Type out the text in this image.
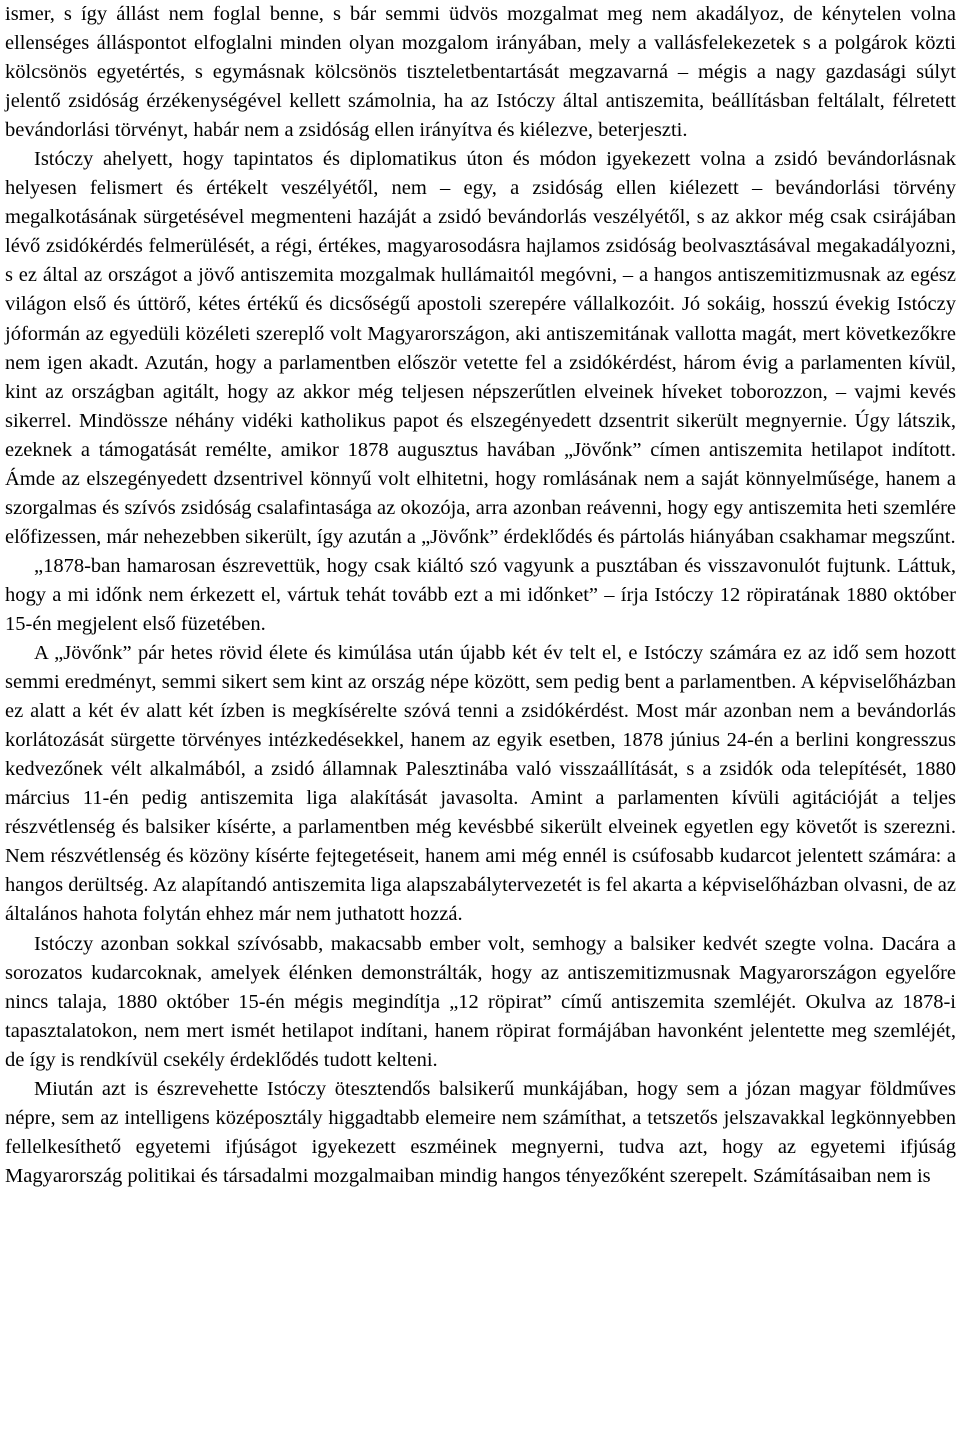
ismer, s így állást nem foglal benne, s bár semmi üdvös mozgalmat meg nem akadályoz, de kénytelen volna ellenséges álláspontot elfoglalni minden olyan mozgalom irányában, mely a vallásfelekezetek s a polgárok közti kölcsönös egyetértés, s egymásnak kölcsönös tiszteletbentartását megzavarná – mégis a nagy gazdasági súlyt jelentő zsidóság érzékenységével kellett számolnia, ha az Istóczy által antiszemita, beállításban feltálalt, félretett bevándorlási törvényt, habár nem a zsidóság ellen irányítva és kiélezve, beterjeszti.

Istóczy ahelyett, hogy tapintatos és diplomatikus úton és módon igyekezett volna a zsidó bevándorlásnak helyesen felismert és értékelt veszélyétől, nem – egy, a zsidóság ellen kiélezett – bevándorlási törvény megalkotásának sürgetésével megmenteni hazáját a zsidó bevándorlás veszélyétől, s az akkor még csak csirájában lévő zsidókérdés felmerülését, a régi, értékes, magyarosodásra hajlamos zsidóság beolvasztásával megakadályozni, s ez által az országot a jövő antiszemita mozgalmak hullámaitól megóvni, – a hangos antiszemitizmusnak az egész világon első és úttörő, kétes értékű és dicsőségű apostoli szerepére vállalkozóit. Jó sokáig, hosszú évekig Istóczy jóformán az egyedüli közéleti szereplő volt Magyarországon, aki antiszemitának vallotta magát, mert következőkre nem igen akadt. Azután, hogy a parlamentben először vetette fel a zsidókérdést, három évig a parlamenten kívül, kint az országban agitált, hogy az akkor még teljesen népszerűtlen elveinek híveket toborozzon, – vajmi kevés sikerrel. Mindössze néhány vidéki katholikus papot és elszegényedett dzsentrit sikerült megnyernie. Úgy látszik, ezeknek a támogatását remélte, amikor 1878 augusztus havában „Jövőnk” címen antiszemita hetilapot indított. Ámde az elszegényedett dzsentrivel könnyű volt elhitetni, hogy romlásának nem a saját könnyelműsége, hanem a szorgalmas és szívós zsidóság csalafintasága az okozója, arra azonban reávenni, hogy egy antiszemita heti szemlére előfizessen, már nehezebben sikerült, így azután a „Jövőnk” érdeklődés és pártolás hiányában csakhamar megszűnt.

„1878-ban hamarosan észrevettük, hogy csak kiáltó szó vagyunk a pusztában és visszavonulót fujtunk. Láttuk, hogy a mi időnk nem érkezett el, vártuk tehát tovább ezt a mi időnket” – írja Istóczy 12 röpiratának 1880 október 15-én megjelent első füzetében.

A „Jövőnk” pár hetes rövid élete és kimúlása után újabb két év telt el, e Istóczy számára ez az idő sem hozott semmi eredményt, semmi sikert sem kint az ország népe között, sem pedig bent a parlamentben. A képviselőházban ez alatt a két év alatt két ízben is megkísérelte szóvá tenni a zsidókérdést. Most már azonban nem a bevándorlás korlátozását sürgette törvényes intézkedésekkel, hanem az egyik esetben, 1878 június 24-én a berlini kongresszus kedvezőnek vélt alkalmából, a zsidó államnak Palesztinába való visszaállítását, s a zsidók oda telepítését, 1880 március 11-én pedig antiszemita liga alakítását javasolta. Amint a parlamenten kívüli agitációját a teljes részvétlenség és balsiker kísérte, a parlamentben még kevésbbé sikerült elveinek egyetlen egy követőt is szerezni. Nem részvétlenség és közöny kísérte fejtegetéseit, hanem ami még ennél is csúfosabb kudarcot jelentett számára: a hangos derültség. Az alapítandó antiszemita liga alapszabálytervezetét is fel akarta a képviselőházban olvasni, de az általános hahota folytán ehhez már nem juthatott hozzá.

Istóczy azonban sokkal szívósabb, makacsabb ember volt, semhogy a balsiker kedvét szegte volna. Dacára a sorozatos kudarcoknak, amelyek élénken demonstrálták, hogy az antiszemitizmusnak Magyarországon egyelőre nincs talaja, 1880 október 15-én mégis megindítja „12 röpirat” című antiszemita szemléjét. Okulva az 1878-i tapasztalatokon, nem mert ismét hetilapot indítani, hanem röpirat formájában havonként jelentette meg szemléjét, de így is rendkívül csekély érdeklődés tudott kelteni.

Miután azt is észrevehette Istóczy ötesztendős balsikerű munkájában, hogy sem a józan magyar földműves népre, sem az intelligens középosztály higgadtabb elemeire nem számíthat, a tetszetős jelszavakkal legkönnyebben fellelkesíthető egyetemi ifjúságot igyekezett eszméinek megnyerni, tudva azt, hogy az egyetemi ifjúság Magyarország politikai és társadalmi mozgalmaiban mindig hangos tényezőként szerepelt. Számításaiban nem is
